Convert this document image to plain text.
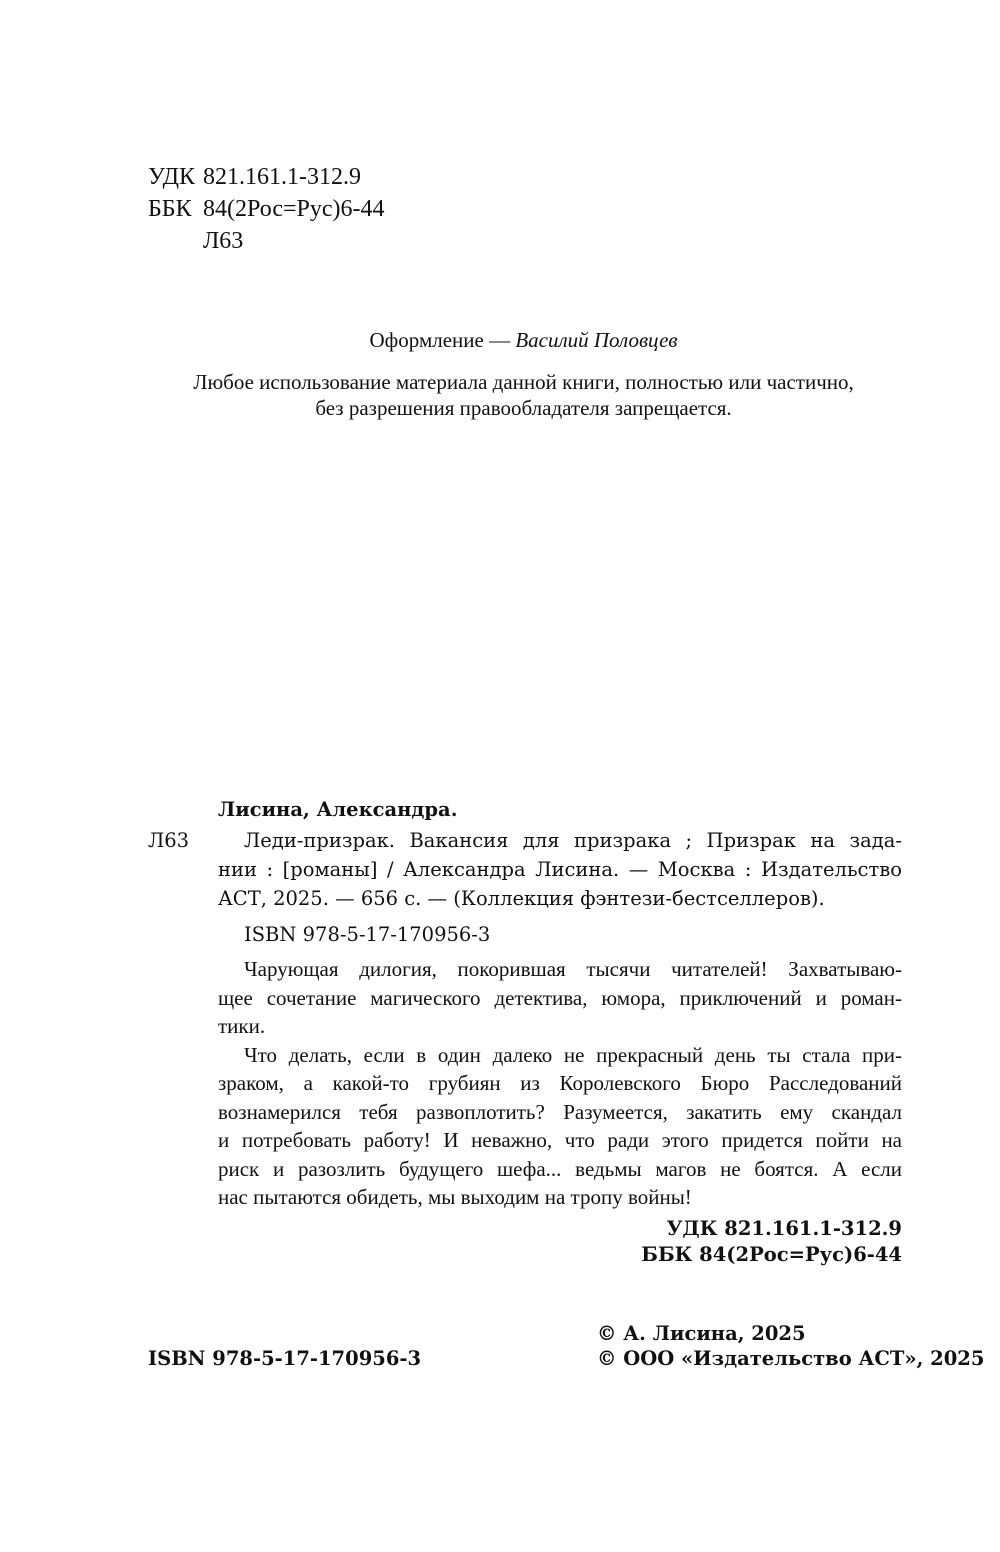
УДК 821.161.1-312.9
ББК 84(2Рос=Рус)6-44
Л63
Оформление — Василий Половцев
Любое использование материала данной книги, полностью или частично,
без разрешения правообладателя запрещается.
Лисина, Александра.
Л63	Леди-призрак. Вакансия для призрака ; Призрак на зада-
нии : [романы] / Александра Лисина. — Москва : Издательство
АСТ, 2025. — 656 с. — (Коллекция фэнтези-бестселлеров).
ISBN 978-5-17-170956-3
Чарующая дилогия, покорившая тысячи читателей! Захватываю-
щее сочетание магического детектива, юмора, приключений и роман-
тики.
Что делать, если в один далеко не прекрасный день ты стала при-
зраком, а какой-то грубиян из Королевского Бюро Расследований
вознамерился тебя развоплотить? Разумеется, закатить ему скандал
и потребовать работу! И неважно, что ради этого придется пойти на
риск и разозлить будущего шефа... ведьмы магов не боятся. А если
нас пытаются обидеть, мы выходим на тропу войны!
УДК 821.161.1-312.9
ББК 84(2Рос=Рус)6-44
ISBN 978-5-17-170956-3
© А. Лисина, 2025
© ООО «Издательство АСТ», 2025
